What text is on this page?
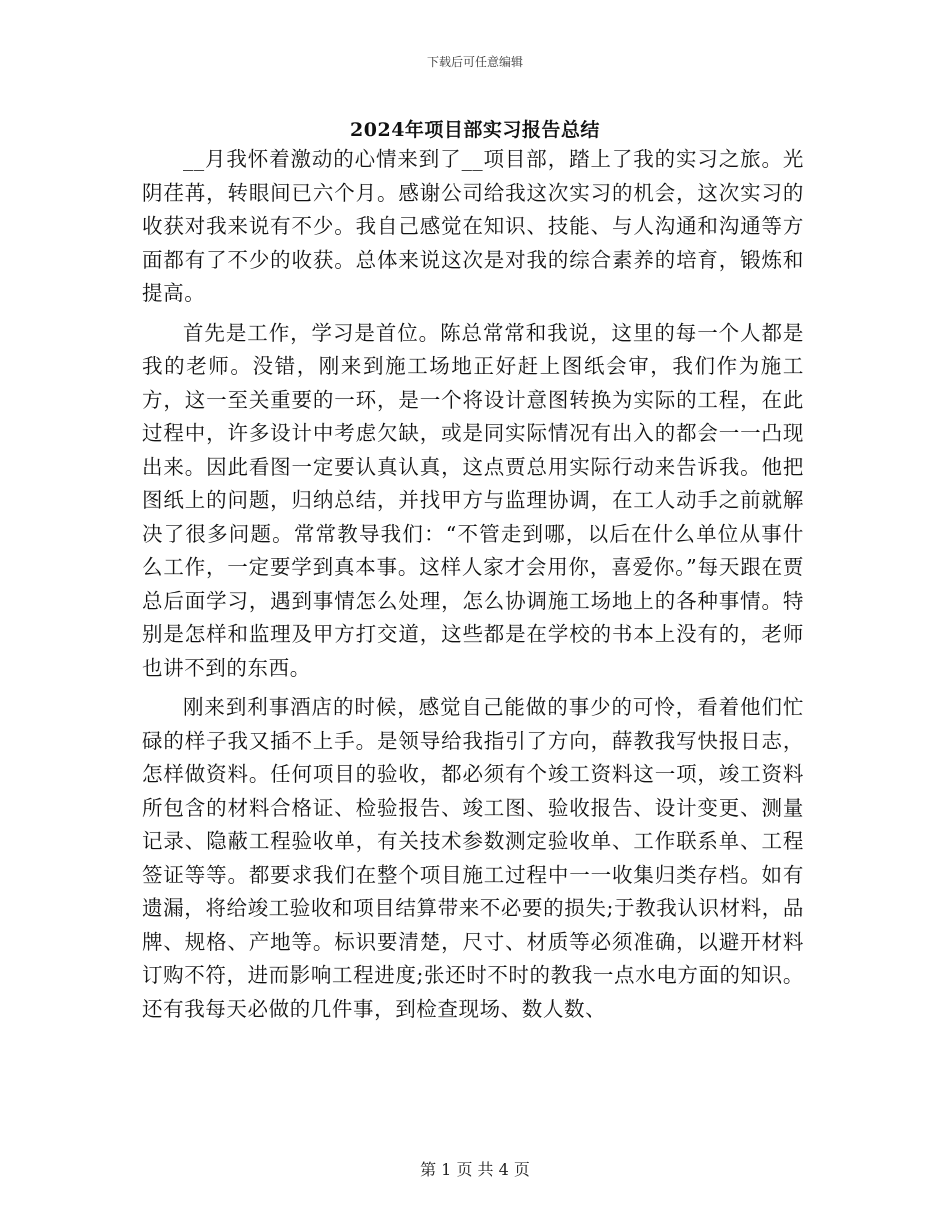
下载后可任意编辑
2024年项目部实习报告总结

__月我怀着激动的心情来到了__项目部，踏上了我的实习之旅。光阴荏苒，转眼间已六个月。感谢公司给我这次实习的机会，这次实习的收获对我来说有不少。我自己感觉在知识、技能、与人沟通和沟通等方面都有了不少的收获。总体来说这次是对我的综合素养的培育，锻炼和提高。

首先是工作，学习是首位。陈总常常和我说，这里的每一个人都是我的老师。没错，刚来到施工场地正好赶上图纸会审，我们作为施工方，这一至关重要的一环，是一个将设计意图转换为实际的工程，在此过程中，许多设计中考虑欠缺，或是同实际情况有出入的都会一一凸现出来。因此看图一定要认真认真，这点贾总用实际行动来告诉我。他把图纸上的问题，归纳总结，并找甲方与监理协调，在工人动手之前就解决了很多问题。常常教导我们：“不管走到哪，以后在什么单位从事什么工作，一定要学到真本事。这样人家才会用你，喜爱你。”每天跟在贾总后面学习，遇到事情怎么处理，怎么协调施工场地上的各种事情。特别是怎样和监理及甲方打交道，这些都是在学校的书本上没有的，老师也讲不到的东西。

刚来到利事酒店的时候，感觉自己能做的事少的可怜，看着他们忙碌的样子我又插不上手。是领导给我指引了方向，薛教我写快报日志，怎样做资料。任何项目的验收，都必须有个竣工资料这一项，竣工资料所包含的材料合格证、检验报告、竣工图、验收报告、设计变更、测量记录、隐蔽工程验收单，有关技术参数测定验收单、工作联系单、工程签证等等。都要求我们在整个项目施工过程中一一收集归类存档。如有遗漏，将给竣工验收和项目结算带来不必要的损失;于教我认识材料，品牌、规格、产地等。标识要清楚，尺寸、材质等必须准确，以避开材料订购不符，进而影响工程进度;张还时不时的教我一点水电方面的知识。还有我每天必做的几件事，到检查现场、数人数、

第 1 页 共 4 页
